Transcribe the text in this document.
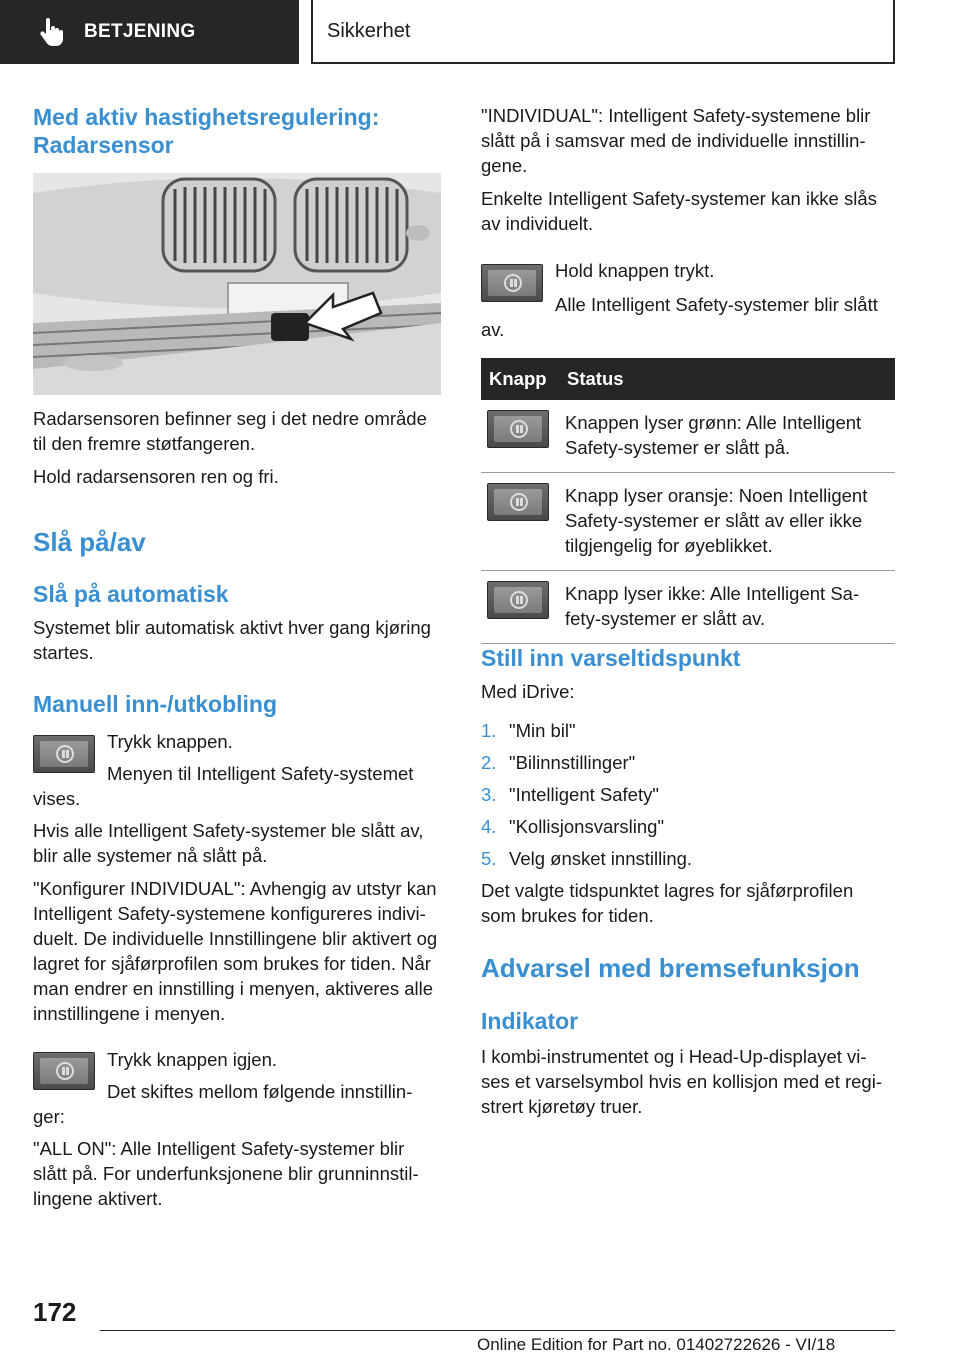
BETJENING	Sikkerhet
Med aktiv hastighetsregulering:
Radarsensor
Radarsensoren befinner seg i det nedre område
til den fremre støtfangeren.
Hold radarsensoren ren og fri.
Slå på/av
Slå på automatisk
Systemet blir automatisk aktivt hver gang kjøring
startes.
Manuell inn-/utkobling
Trykk knappen.
Menyen til Intelligent Safety-systemet
vises.
Hvis alle Intelligent Safety-systemer ble slått av,
blir alle systemer nå slått på.
"Konfigurer INDIVIDUAL": Avhengig av utstyr kan
Intelligent Safety-systemene konfigureres indivi-
duelt. De individuelle Innstillingene blir aktivert og
lagret for sjåførprofilen som brukes for tiden. Når
man endrer en innstilling i menyen, aktiveres alle
innstillingene i menyen.
Trykk knappen igjen.
Det skiftes mellom følgende innstillin-
ger:
"ALL ON": Alle Intelligent Safety-systemer blir
slått på. For underfunksjonene blir grunninnstil-
lingene aktivert.
"INDIVIDUAL": Intelligent Safety-systemene blir
slått på i samsvar med de individuelle innstillin-
gene.
Enkelte Intelligent Safety-systemer kan ikke slås
av individuelt.
Hold knappen trykt.
Alle Intelligent Safety-systemer blir slått
av.
Knapp	Status

	Knappen lyser grønn: Alle Intelligent
Safety-systemer er slått på.

	Knapp lyser oransje: Noen Intelligent
Safety-systemer er slått av eller ikke
tilgjengelig for øyeblikket.

	Knapp lyser ikke: Alle Intelligent Sa-
fety-systemer er slått av.
Still inn varseltidspunkt
Med iDrive:
1. "Min bil"
2. "Bilinnstillinger"
3. "Intelligent Safety"
4. "Kollisjonsvarsling"
5. Velg ønsket innstilling.
Det valgte tidspunktet lagres for sjåførprofilen
som brukes for tiden.
Advarsel med bremsefunksjon
Indikator
I kombi-instrumentet og i Head-Up-displayet vi-
ses et varselsymbol hvis en kollisjon med et regi-
strert kjøretøy truer.
172
Online Edition for Part no. 01402722626 - VI/18
